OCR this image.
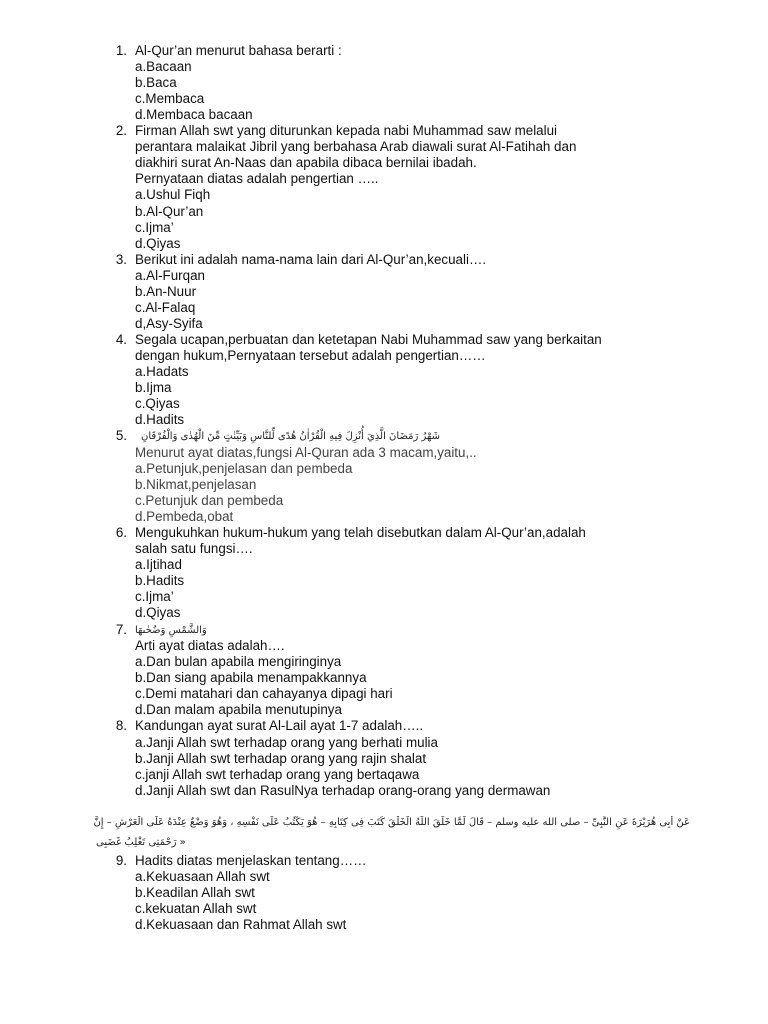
1. Al-Qur’an menurut bahasa berarti :
a.Bacaan
b.Baca
c.Membaca
d.Membaca bacaan
2. Firman Allah swt yang diturunkan kepada nabi Muhammad saw melalui
perantara malaikat Jibril yang berbahasa Arab diawali surat Al-Fatihah dan
diakhiri surat An-Naas dan apabila dibaca bernilai ibadah.
Pernyataan diatas adalah pengertian …..
a.Ushul Fiqh
b.Al-Qur’an
c.Ijma’
d.Qiyas
3. Berikut ini adalah nama-nama lain dari Al-Qur’an,kecuali….
a.Al-Furqan
b.An-Nuur
c.Al-Falaq
d,Asy-Syifa
4. Segala ucapan,perbuatan dan ketetapan Nabi Muhammad saw yang berkaitan
dengan hukum,Pernyataan tersebut adalah pengertian……
a.Hadats
b.Ijma
c.Qiyas
d.Hadits
5. شَهْرُ رَمَضَانَ الَّذِيٓ أُنْزِلَ فِيهِ الْقُرْاٰنُ هُدًى لِّلنَّاسِ وَبَيِّنٰتٍ مِّنَ الْهُدٰى وَالْفُرْقَانِ
Menurut ayat diatas,fungsi Al-Quran ada 3 macam,yaitu,..
a.Petunjuk,penjelasan dan pembeda
b.Nikmat,penjelasan
c.Petunjuk dan pembeda
d.Pembeda,obat
6. Mengukuhkan hukum-hukum yang telah disebutkan dalam Al-Qur’an,adalah
salah satu fungsi….
a.Ijtihad
b.Hadits
c.Ijma’
d.Qiyas
7. وَالشَّمْسِ وَضُحٰىهَا
Arti ayat diatas adalah….
a.Dan bulan apabila mengiringinya
b.Dan siang apabila menampakkannya
c.Demi matahari dan cahayanya dipagi hari
d.Dan malam apabila menutupinya
8. Kandungan ayat surat Al-Lail ayat 1-7 adalah…..
a.Janji Allah swt terhadap orang yang berhati mulia
b.Janji Allah swt terhadap orang yang rajin shalat
c.janji Allah swt terhadap orang yang bertaqawa
d.Janji Allah swt dan RasulNya terhadap orang-orang yang dermawan
عَنْ أَبِى هُرَيْرَةَ عَنِ النَّبِىِّ – صلى الله عليه وسلم – قَالَ لَمَّا خَلَقَ اللَّهُ الْخَلْقَ كَتَبَ فِى كِتَابِهِ – هُوَ يَكْتُبُ عَلَى نَفْسِهِ ، وَهُوَ وَضْعٌ عِنْدَهُ عَلَى الْعَرْشِ – إِنَّ
« رَحْمَتِى تَغْلِبُ غَضَبِى
9. Hadits diatas menjelaskan tentang……
a.Kekuasaan Allah swt
b.Keadilan Allah swt
c.kekuatan Allah swt
d.Kekuasaan dan Rahmat Allah swt
